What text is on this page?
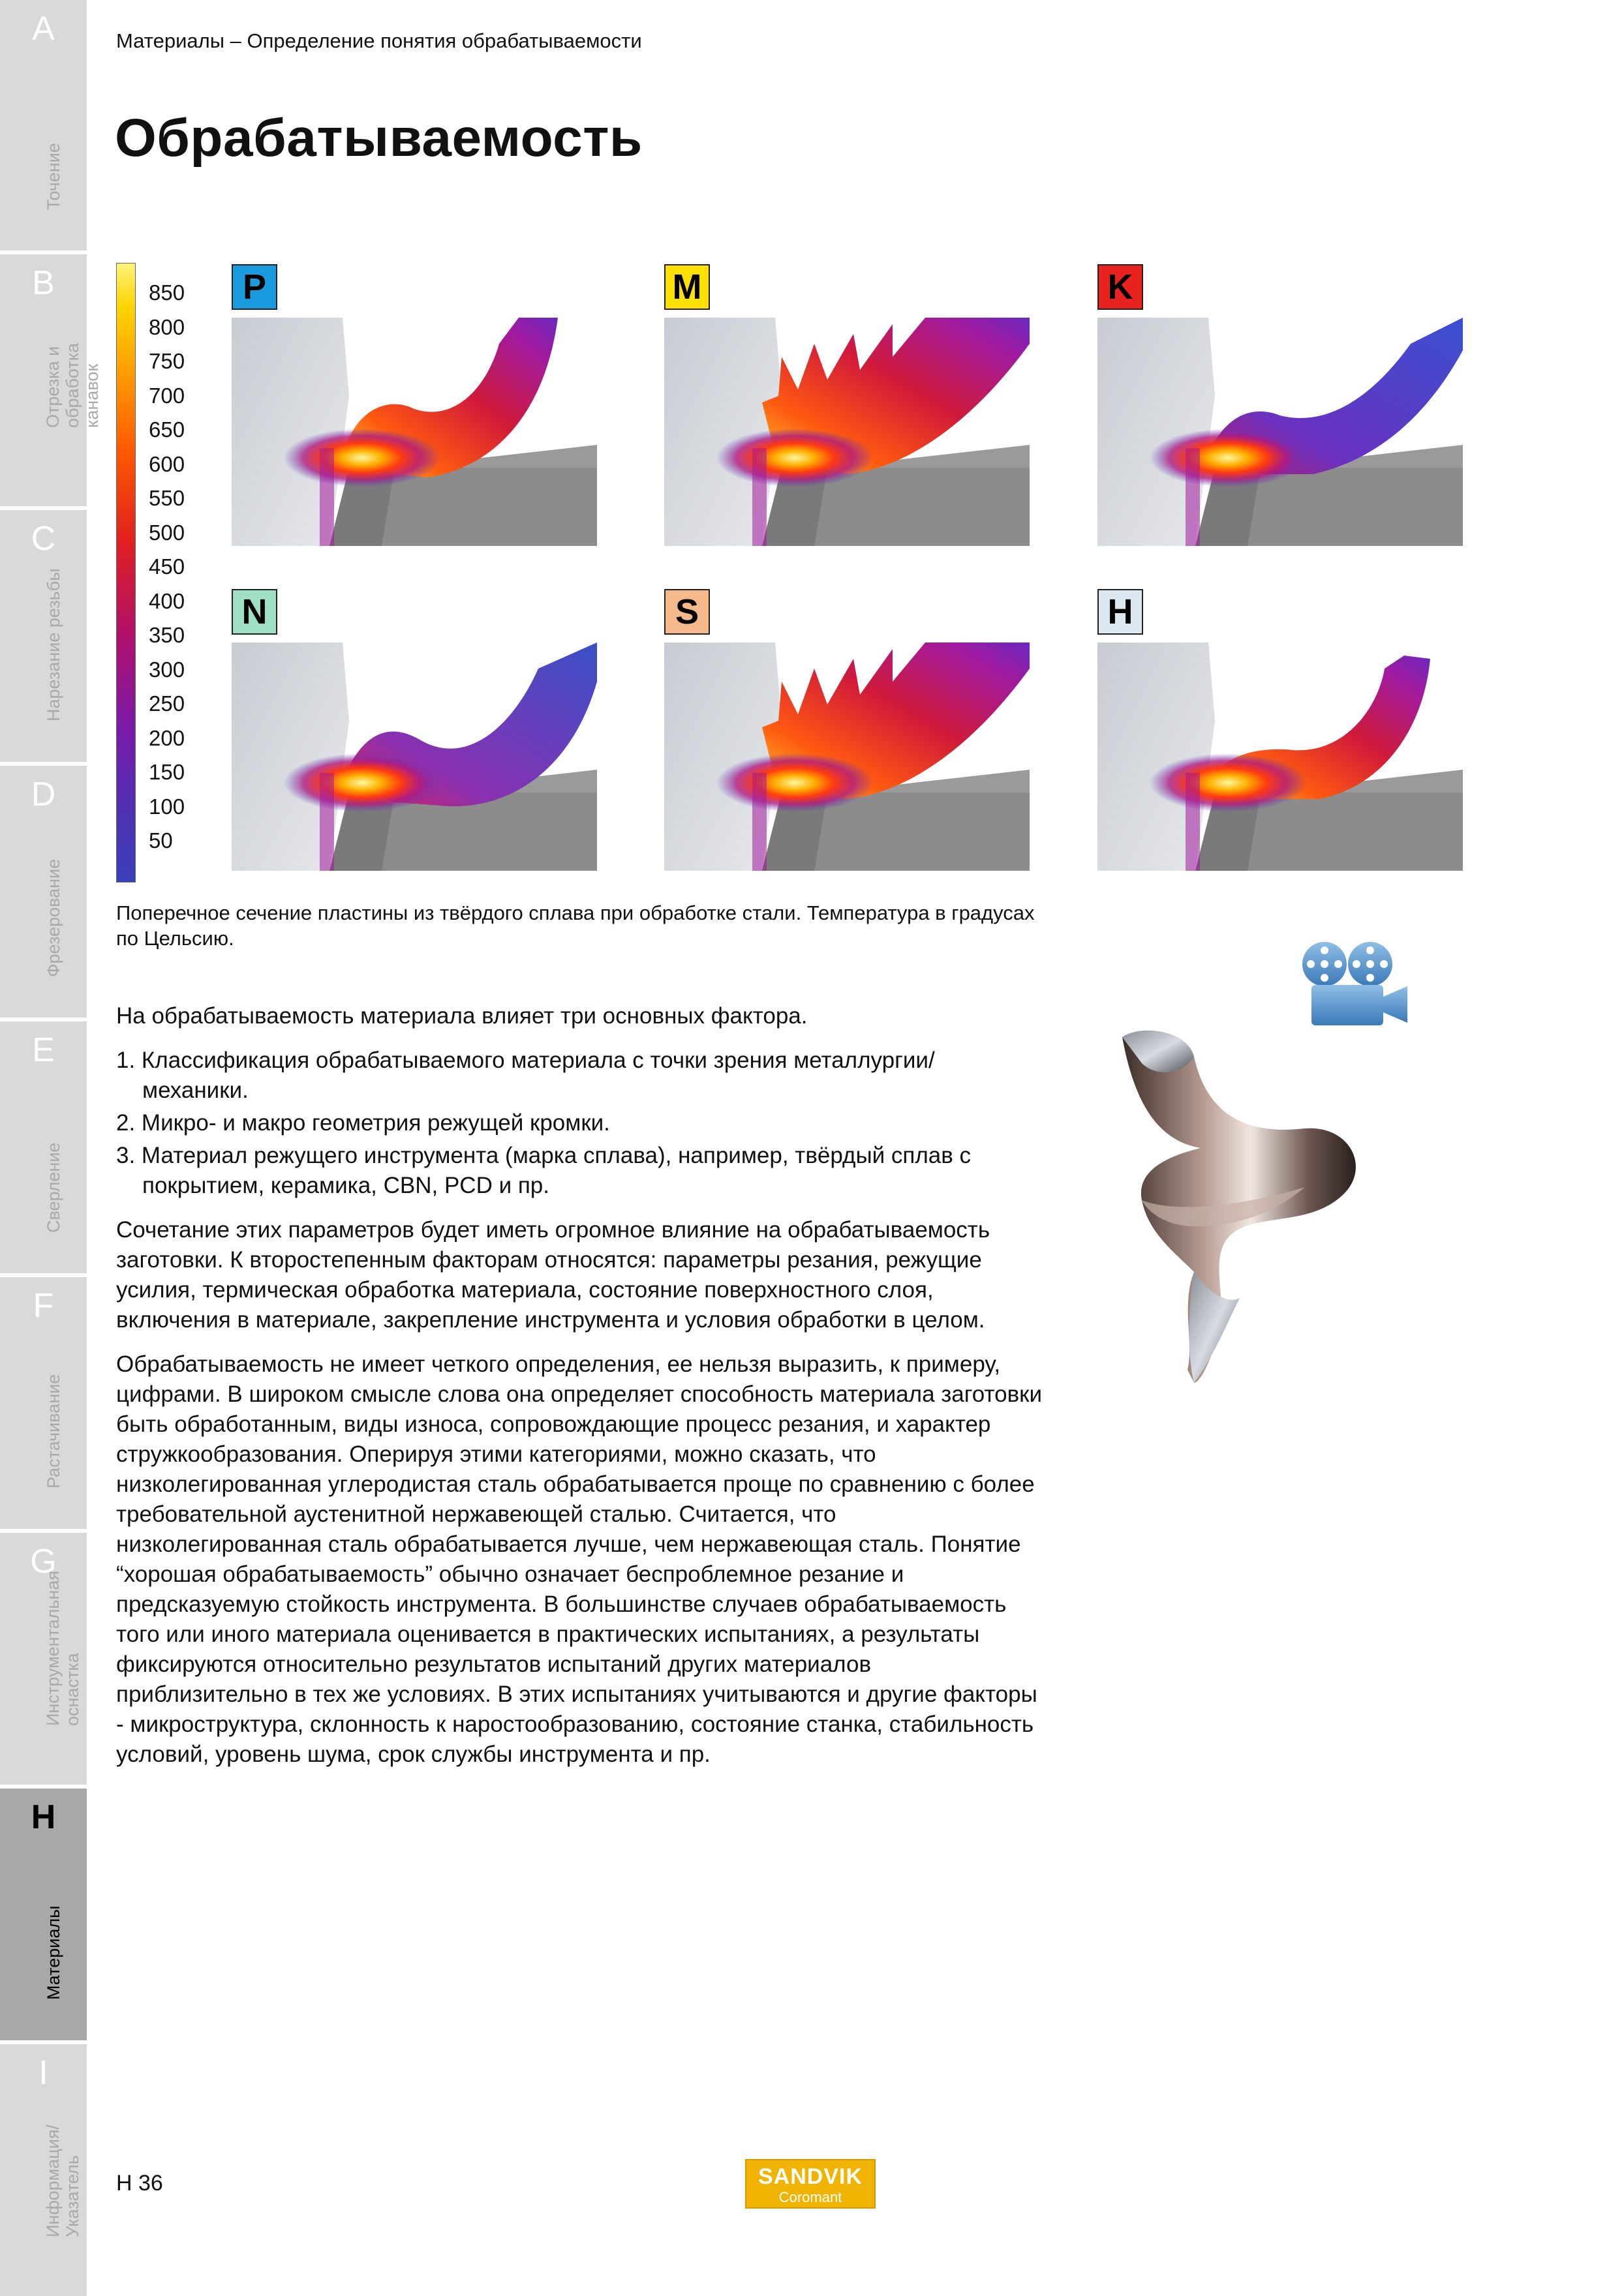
A
Точение
B
Отрезка и обработка канавок
C
Нарезание резьбы
D
Фрезерование
E
Сверление
F
Растачивание
G
Инструментальная оснастка
H
Материалы
I
Информация/ Указатель
Материалы – Определение понятия обрабатываемости
Обрабатываемость
850
800
750
700
650
600
550
500
450
400
350
300
250
200
150
100
50
P	M	K
N	S	H
Поперечное сечение пластины из твёрдого сплава при обработке стали. Температура в градусах по Цельсию.

На обрабатываемость материала влияет три основных фактора.

1. Классификация обрабатываемого материала с точки зрения металлургии/ механики.
2. Микро- и макро геометрия режущей кромки.
3. Материал режущего инструмента (марка сплава), например, твёрдый сплав с покрытием, керамика, CBN, PCD и пр.

Сочетание этих параметров будет иметь огромное влияние на обрабатываемость заготовки. К второстепенным факторам относятся: параметры резания, режущие усилия, термическая обработка материала, состояние поверхностного слоя, включения в материале, закрепление инструмента и условия обработки в целом.

Обрабатываемость не имеет четкого определения, ее нельзя выразить, к примеру, цифрами. В широком смысле слова она определяет способность материала заготовки быть обработанным, виды износа, сопровождающие процесс резания, и характер стружкообразования. Оперируя этими категориями, можно сказать, что низколегированная углеродистая сталь обрабатывается проще по сравнению с более требовательной аустенитной нержавеющей сталью. Считается, что низколегированная сталь обрабатывается лучше, чем нержавеющая сталь. Понятие “хорошая обрабатываемость” обычно означает беспроблемное резание и предсказуемую стойкость инструмента. В большинстве случаев обрабатываемость того или иного материала оценивается в практических испытаниях, а результаты фиксируются относительно результатов испытаний других материалов приблизительно в тех же условиях. В этих испытаниях учитываются и другие факторы - микроструктура, склонность к наростообразованию, состояние станка, стабильность условий, уровень шума, срок службы инструмента и пр.

H 36	SANDVIK
Coromant
